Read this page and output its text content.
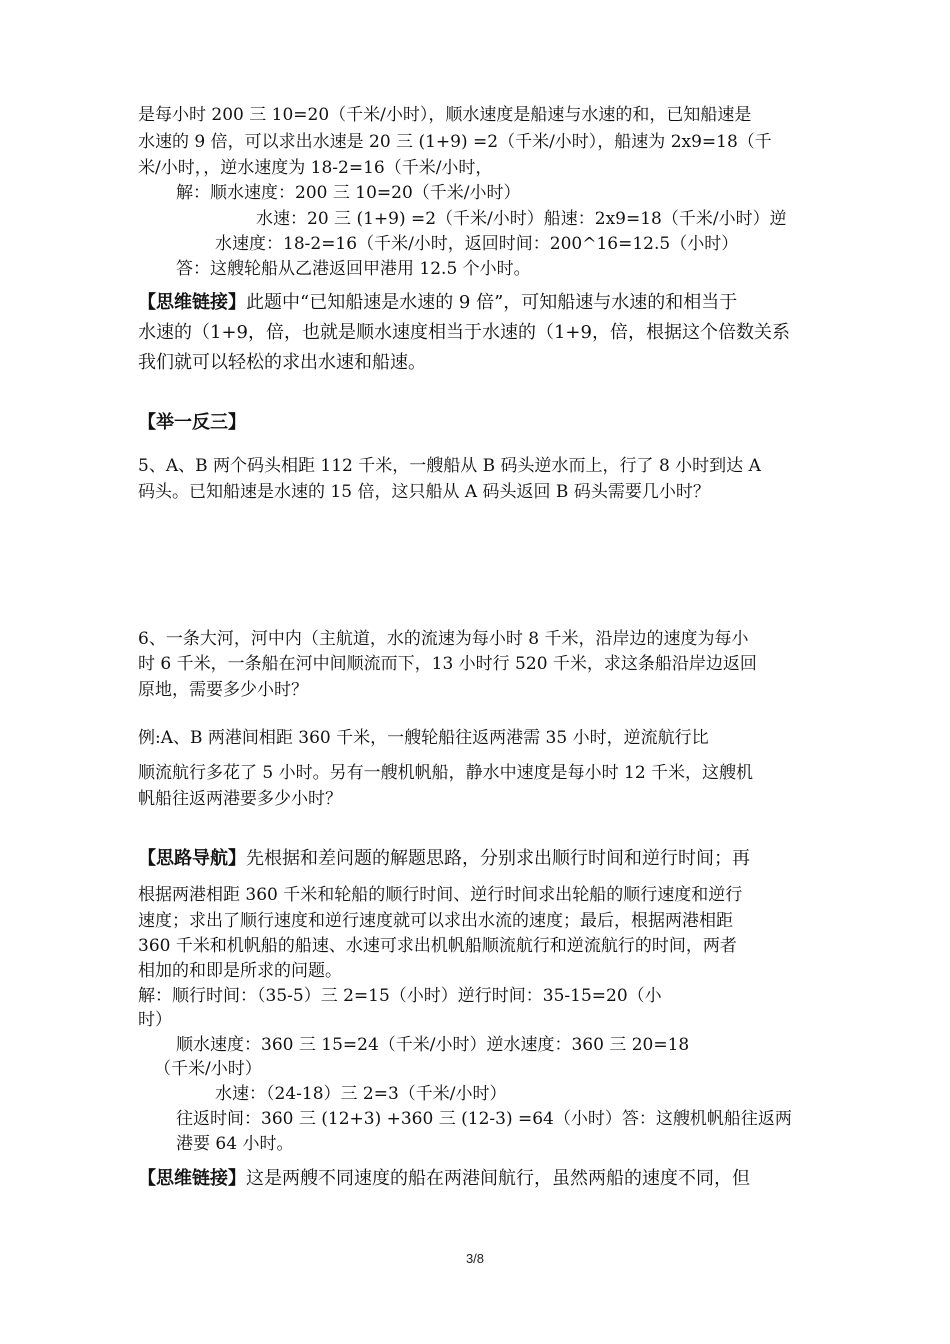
是每小时 200 三 10=20（千米/小时），顺水速度是船速与水速的和，已知船速是

水速的 9 倍，可以求出水速是 20 三 (1+9) =2（千米/小时），船速为 2x9=18（千

米/小时，，逆水速度为 18-2=16（千米/小时，

解：顺水速度：200 三 10=20（千米/小时）

水速：20 三 (1+9) =2（千米/小时）船速：2x9=18（千米/小时）逆

水速度：18-2=16（千米/小时，返回时间：200^16=12.5（小时）

答：这艘轮船从乙港返回甲港用 12.5 个小时。

【思维链接】此题中“已知船速是水速的 9 倍”，可知船速与水速的和相当于

水速的（1+9，倍，也就是顺水速度相当于水速的（1+9，倍，根据这个倍数关系

我们就可以轻松的求出水速和船速。

【举一反三】

5、A、B 两个码头相距 112 千米，一艘船从 B 码头逆水而上，行了 8 小时到达 A

码头。已知船速是水速的 15 倍，这只船从 A 码头返回 B 码头需要几小时？

6、一条大河，河中内（主航道，水的流速为每小时 8 千米，沿岸边的速度为每小

时 6 千米，一条船在河中间顺流而下，13 小时行 520 千米，求这条船沿岸边返回

原地，需要多少小时？

例:A、B 两港间相距 360 千米，一艘轮船往返两港需 35 小时，逆流航行比

顺流航行多花了 5 小时。另有一艘机帆船，静水中速度是每小时 12 千米，这艘机

帆船往返两港要多少小时？

【思路导航】先根据和差问题的解题思路，分别求出顺行时间和逆行时间；再

根据两港相距 360 千米和轮船的顺行时间、逆行时间求出轮船的顺行速度和逆行

速度；求出了顺行速度和逆行速度就可以求出水流的速度；最后，根据两港相距

360 千米和机帆船的船速、水速可求出机帆船顺流航行和逆流航行的时间，两者

相加的和即是所求的问题。

解：顺行时间：（35-5）三 2=15（小时）逆行时间：35-15=20（小

时）

顺水速度：360 三 15=24（千米/小时）逆水速度：360 三 20=18

（千米/小时）

水速：（24-18）三 2=3（千米/小时）

往返时间：360 三 (12+3) +360 三 (12-3) =64（小时）答：这艘机帆船往返两

港要 64 小时。

【思维链接】这是两艘不同速度的船在两港间航行，虽然两船的速度不同，但

3/8
